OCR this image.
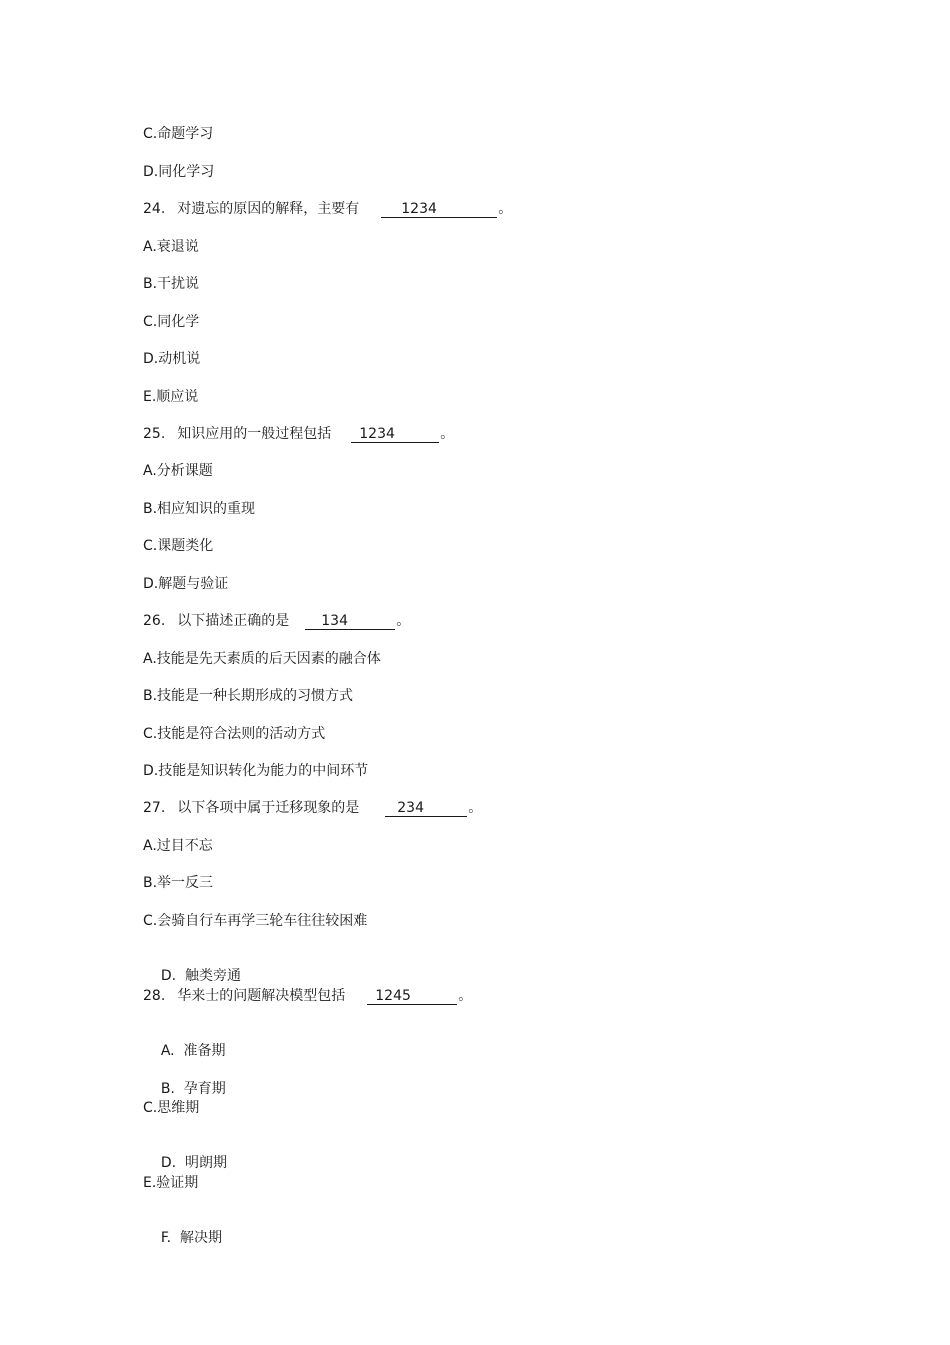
C.命题学习
D.同化学习
24. 对遗忘的原因的解释，主要有	1234	。
A.衰退说
B.干扰说
C.同化学
D.动机说
E.顺应说
25. 知识应用的一般过程包括 1234	。
A.分析课题
B.相应知识的重现
C.课题类化
D.解题与验证
26. 以下描述正确的是 134	。
A.技能是先天素质的后天因素的融合体
B.技能是一种长期形成的习惯方式
C.技能是符合法则的活动方式
D.技能是知识转化为能力的中间环节
27. 以下各项中属于迁移现象的是	234	。
A.过目不忘
B.举一反三
C.会骑自行车再学三轮车往往较困难

D.  触类旁通

28. 华来士的问题解决模型包括 1245	。

A.  准备期

B.  孕育期

C.思维期

D.  明朗期

E.验证期

F.  解决期
